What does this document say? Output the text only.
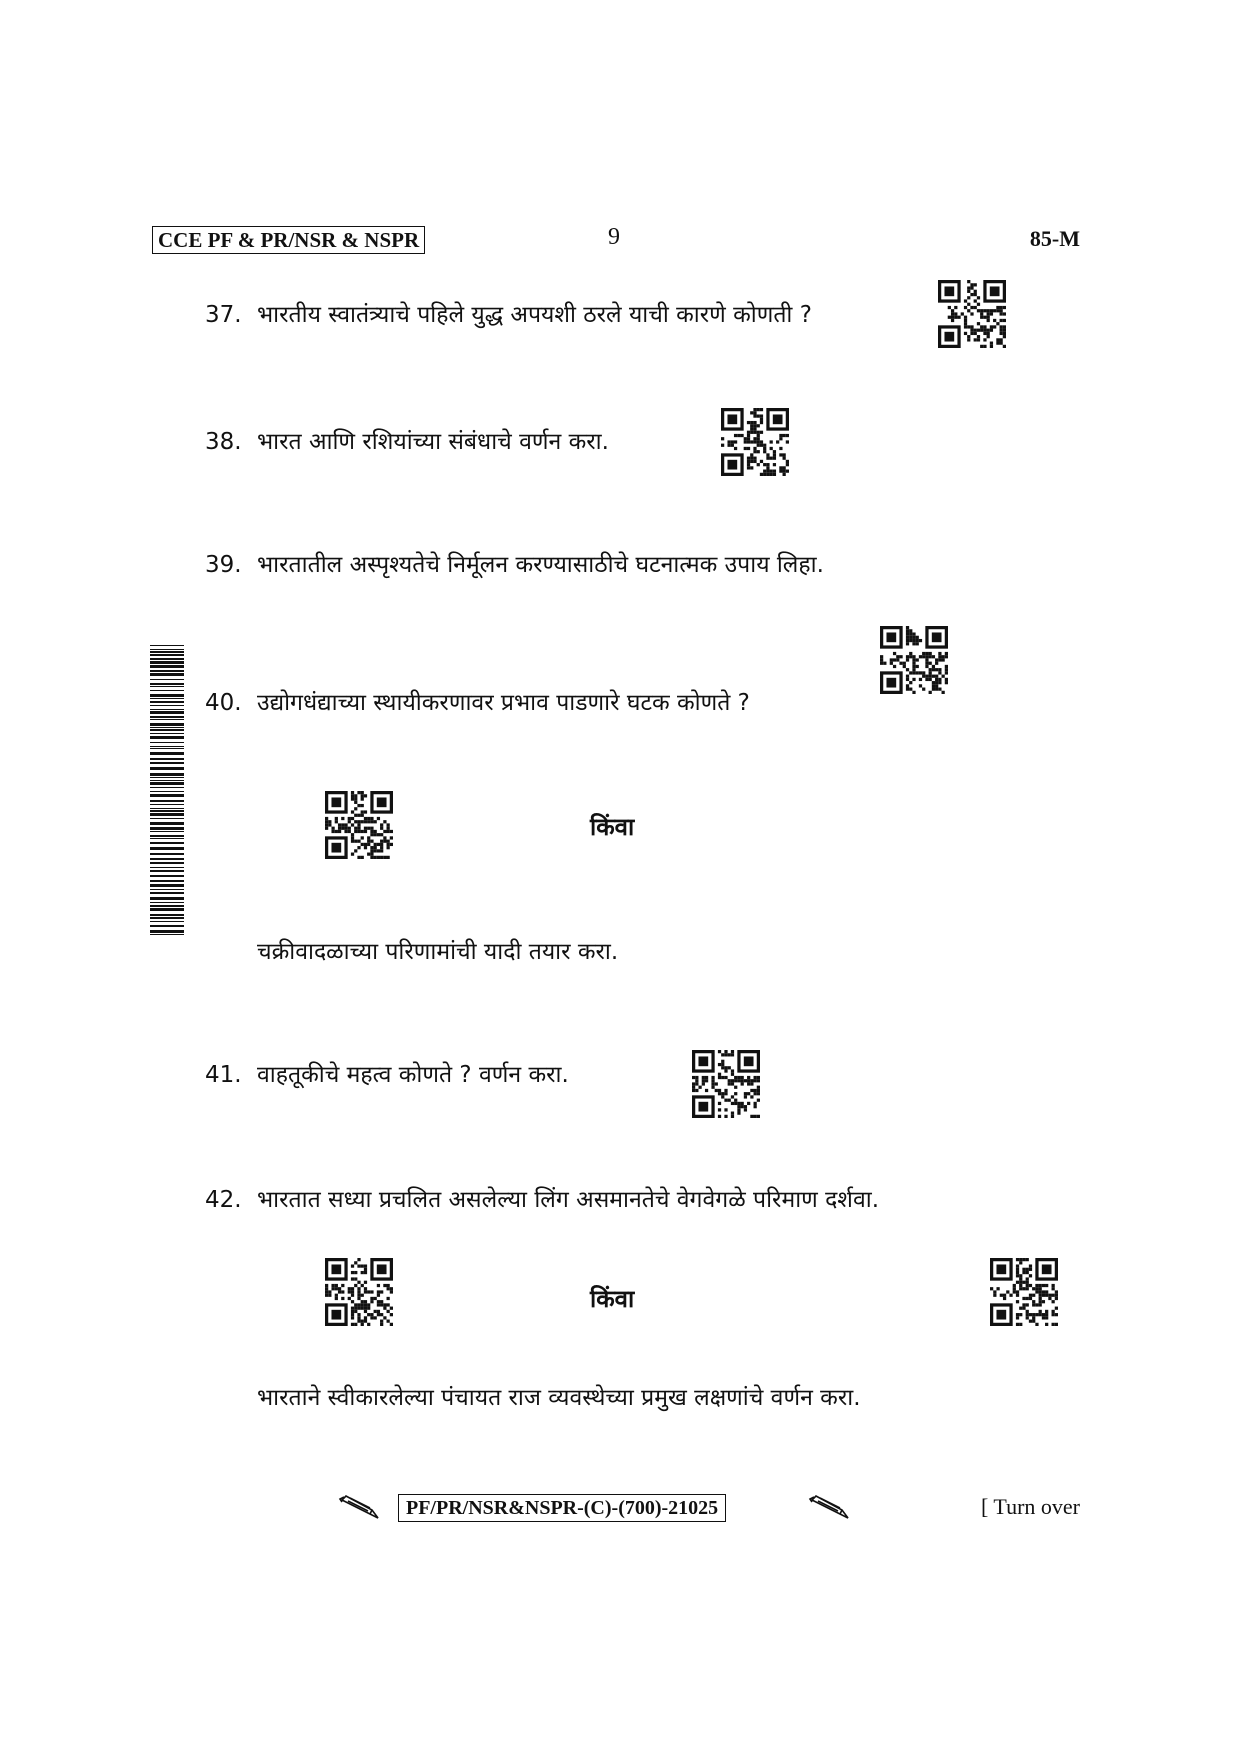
CCE PF & PR/NSR & NSPR	9	85-M
37. भारतीय स्वातंत्र्याचे पहिले युद्ध अपयशी ठरले याची कारणे कोणती ?
38. भारत आणि रशियांच्या संबंधाचे वर्णन करा.
39. भारतातील अस्पृश्यतेचे निर्मूलन करण्यासाठीचे घटनात्मक उपाय लिहा.
40. उद्योगधंद्याच्या स्थायीकरणावर प्रभाव पाडणारे घटक कोणते ?
किंवा
चक्रीवादळाच्या परिणामांची यादी तयार करा.
41. वाहतूकीचे महत्व कोणते ? वर्णन करा.
42. भारतात सध्या प्रचलित असलेल्या लिंग असमानतेचे वेगवेगळे परिमाण दर्शवा.
किंवा
भारताने स्वीकारलेल्या पंचायत राज व्यवस्थेच्या प्रमुख लक्षणांचे वर्णन करा.
PF/PR/NSR&NSPR-(C)-(700)-21025	[ Turn over
